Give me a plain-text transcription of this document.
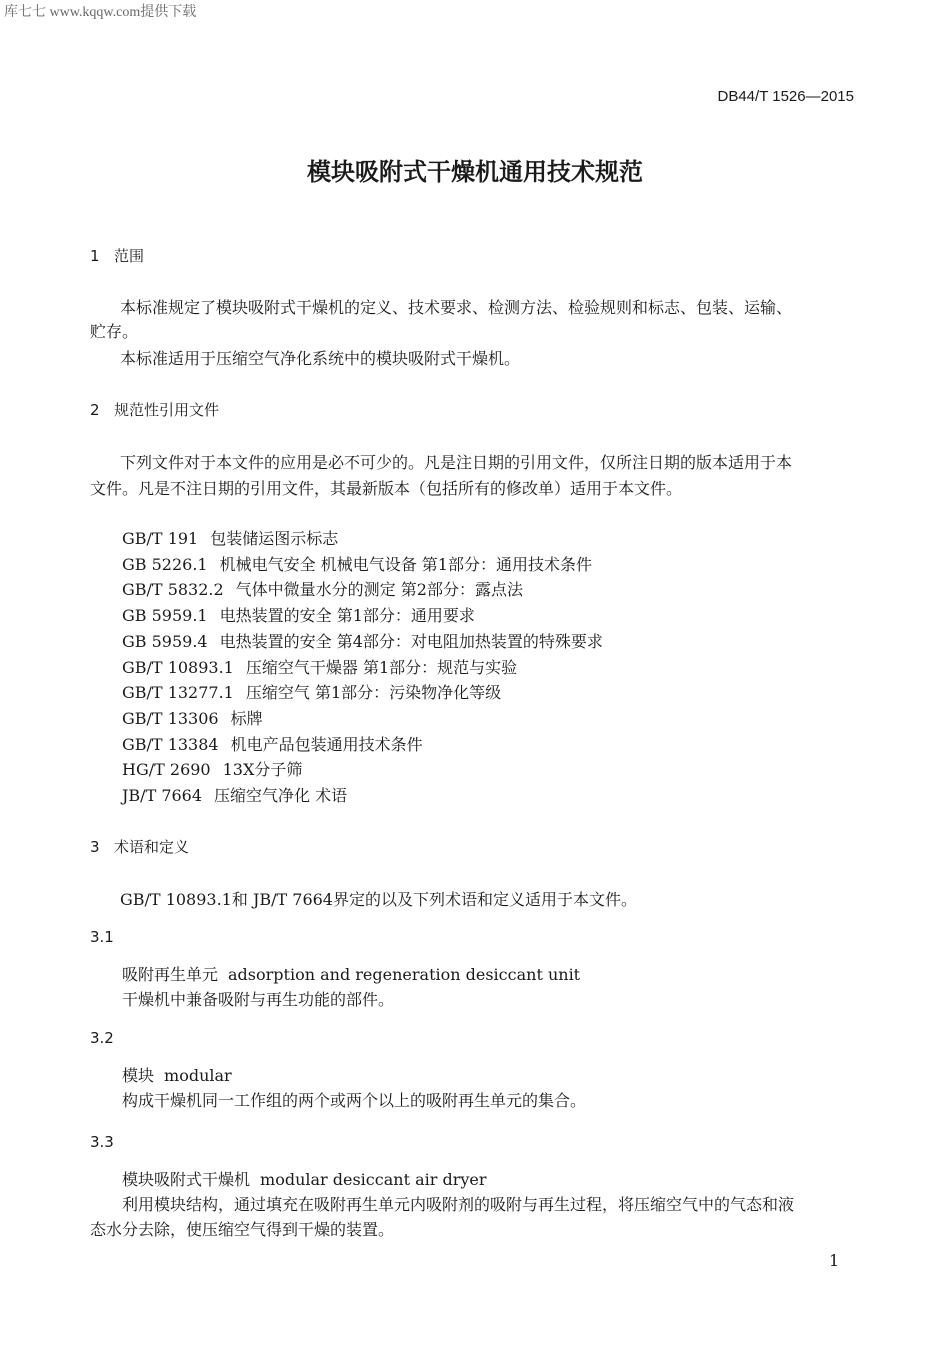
库七七 www.kqqw.com提供下载
DB44/T 1526—2015
模块吸附式干燥机通用技术规范
1 范围
本标准规定了模块吸附式干燥机的定义、技术要求、检测方法、检验规则和标志、包装、运输、
贮存。
本标准适用于压缩空气净化系统中的模块吸附式干燥机。
2 规范性引用文件
下列文件对于本文件的应用是必不可少的。凡是注日期的引用文件，仅所注日期的版本适用于本
文件。凡是不注日期的引用文件，其最新版本（包括所有的修改单）适用于本文件。
GB/T 191 包装储运图示标志
GB 5226.1 机械电气安全 机械电气设备 第1部分：通用技术条件
GB/T 5832.2 气体中微量水分的测定 第2部分：露点法
GB 5959.1 电热装置的安全 第1部分：通用要求
GB 5959.4 电热装置的安全 第4部分：对电阻加热装置的特殊要求
GB/T 10893.1 压缩空气干燥器 第1部分：规范与实验
GB/T 13277.1 压缩空气 第1部分：污染物净化等级
GB/T 13306 标牌
GB/T 13384 机电产品包装通用技术条件
HG/T 2690 13X分子筛
JB/T 7664 压缩空气净化 术语
3 术语和定义
GB/T 10893.1和 JB/T 7664界定的以及下列术语和定义适用于本文件。
3.1
吸附再生单元 adsorption and regeneration desiccant unit
干燥机中兼备吸附与再生功能的部件。
3.2
模块 modular
构成干燥机同一工作组的两个或两个以上的吸附再生单元的集合。
3.3
模块吸附式干燥机 modular desiccant air dryer
利用模块结构，通过填充在吸附再生单元内吸附剂的吸附与再生过程，将压缩空气中的气态和液
态水分去除，使压缩空气得到干燥的装置。
1
